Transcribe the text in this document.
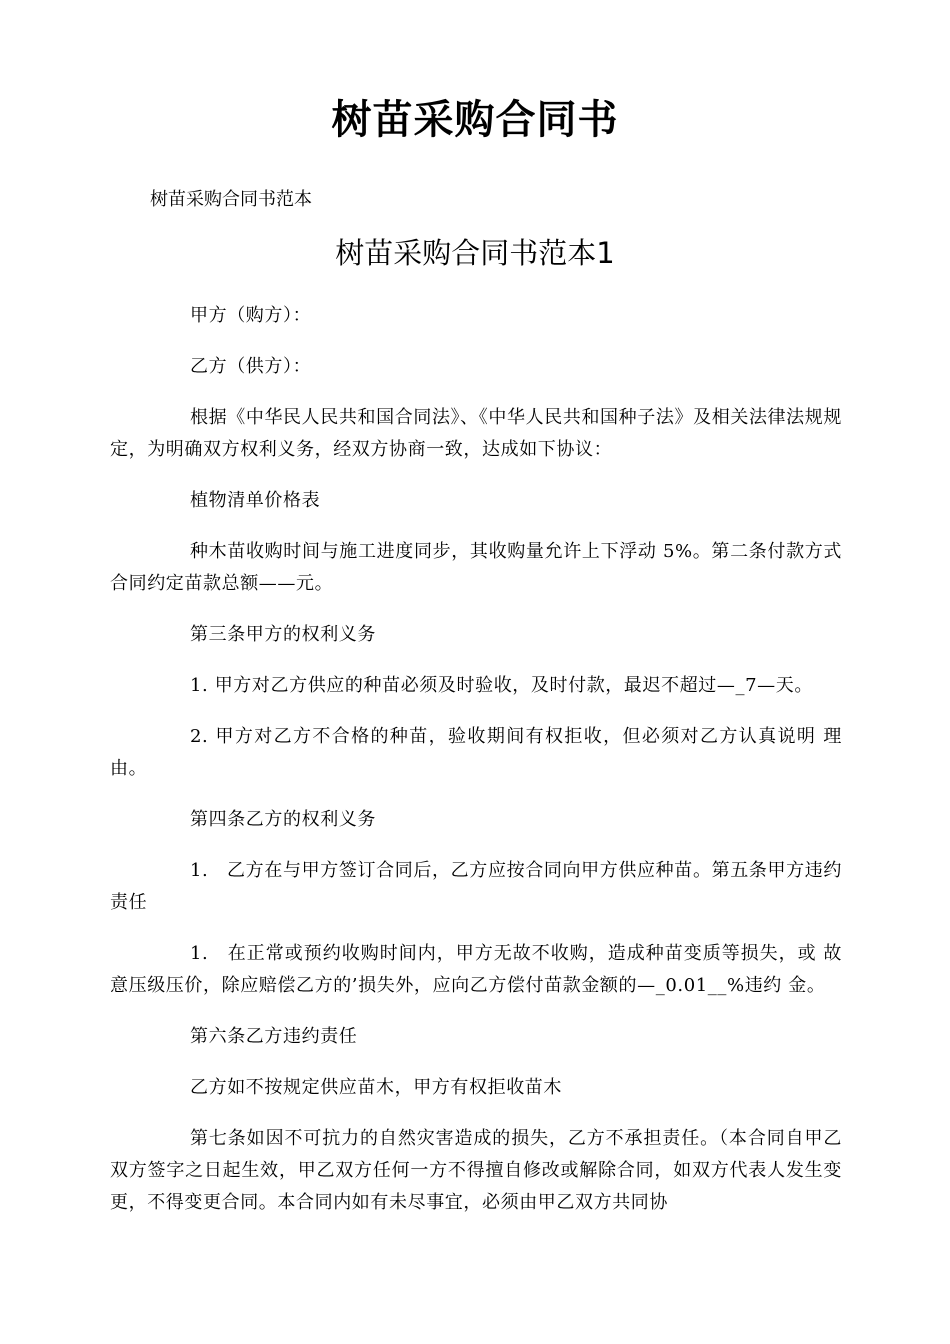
树苗采购合同书
树苗采购合同书范本
树苗采购合同书范本1

甲方（购方）：

乙方（供方）：

根据《中华民人民共和国合同法》、《中华人民共和国种子法》及相关法律法规规定，为明确双方权利义务，经双方协商一致，达成如下协议：

植物清单价格表

种木苗收购时间与施工进度同步，其收购量允许上下浮动 5%。第二条付款方式合同约定苗款总额——元。

第三条甲方的权利义务

1. 甲方对乙方供应的种苗必须及时验收，及时付款，最迟不超过—_7—天。

2. 甲方对乙方不合格的种苗，验收期间有权拒收，但必须对乙方认真说明 理由。

第四条乙方的权利义务

1.　乙方在与甲方签订合同后，乙方应按合同向甲方供应种苗。第五条甲方违约责任

1.　在正常或预约收购时间内，甲方无故不收购，造成种苗变质等损失，或 故意压级压价，除应赔偿乙方的’损失外，应向乙方偿付苗款金额的—_0.01__%违约 金。

第六条乙方违约责任

乙方如不按规定供应苗木，甲方有权拒收苗木

第七条如因不可抗力的自然灾害造成的损失，乙方不承担责任。（本合同自甲乙双方签字之日起生效，甲乙双方任何一方不得擅自修改或解除合同，如双方代表人发生变更，不得变更合同。本合同内如有未尽事宜，必须由甲乙双方共同协
